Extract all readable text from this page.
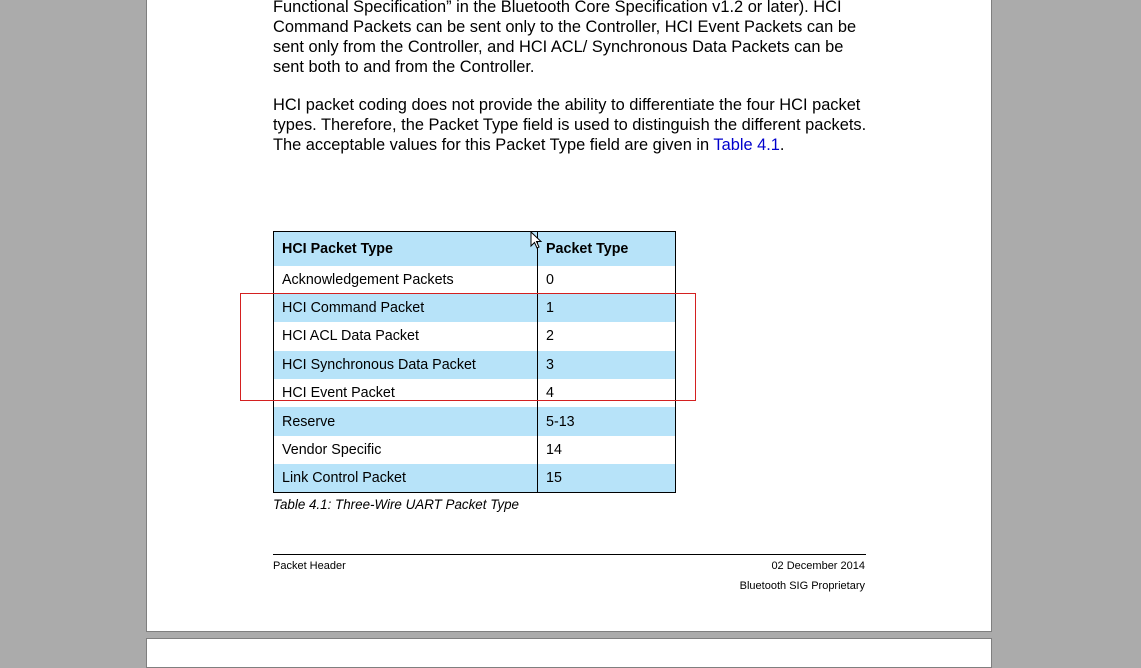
Functional Specification” in the Bluetooth Core Specification v1.2 or later). HCI Command Packets can be sent only to the Controller, HCI Event Packets can be sent only from the Controller, and HCI ACL/ Synchronous Data Packets can be sent both to and from the Controller.

HCI packet coding does not provide the ability to differentiate the four HCI packet types. Therefore, the Packet Type field is used to distinguish the different packets. The acceptable values for this Packet Type field are given in Table 4.1.

HCI Packet Type	Packet Type
Acknowledgement Packets	0
HCI Command Packet	1
HCI ACL Data Packet	2
HCI Synchronous Data Packet	3
HCI Event Packet	4
Reserve	5-13
Vendor Specific	14
Link Control Packet	15
Table 4.1: Three-Wire UART Packet Type
Packet Header	02 December 2014
Bluetooth SIG Proprietary
